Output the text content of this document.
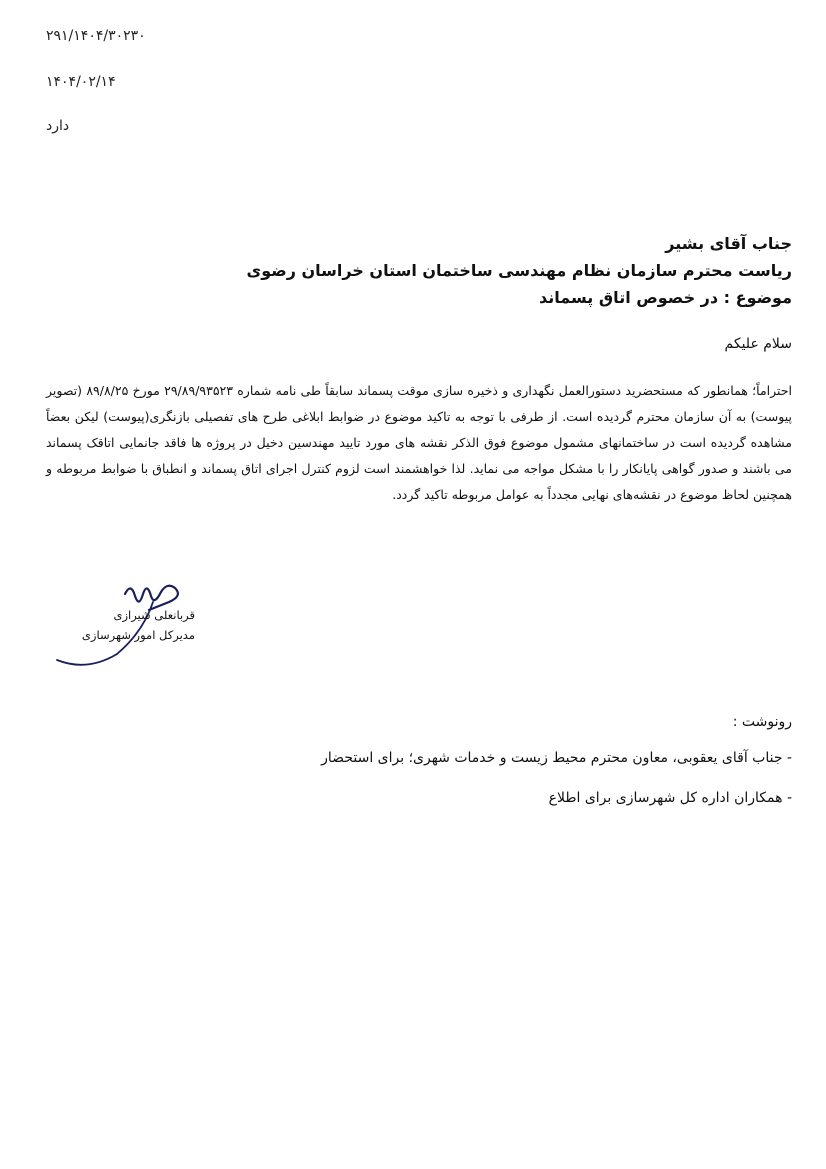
۲۹۱/۱۴۰۴/۳۰۲۳۰
۱۴۰۴/۰۲/۱۴
دارد
جناب آقای بشیر
ریاست محترم سازمان نظام مهندسی ساختمان استان خراسان رضوی
موضوع : در خصوص اتاق پسماند
سلام علیکم
احتراماً؛ همانطور که مستحضرید دستورالعمل نگهداری و ذخیره سازی موقت پسماند سابقاً طی نامه شماره ۲۹/۸۹/۹۳۵۲۳ مورخ ۸۹/۸/۲۵ (تصویر پیوست) به آن سازمان محترم گردیده است. از طرفی با توجه به تاکید موضوع در ضوابط ابلاغی طرح های تفصیلی بازنگری(پیوست) لیکن بعضاً مشاهده گردیده است در ساختمانهای مشمول موضوع فوق الذکر نقشه های مورد تایید مهندسین دخیل در پروژه ها فاقد جانمایی اتاقک پسماند می باشند و صدور گواهی پایانکار را با مشکل مواجه می نماید. لذا خواهشمند است لزوم کنترل اجرای اتاق پسماند و انطباق با ضوابط مربوطه و همچنین لحاظ موضوع در نقشه‌های نهایی مجدداً به عوامل مربوطه تاکید گردد.
قربانعلی شیرازی
مدیرکل امور شهرسازی
رونوشت :
- جناب آقای یعقوبی، معاون محترم محیط زیست و خدمات شهری؛ برای استحضار
- همکاران اداره کل شهرسازی برای اطلاع
